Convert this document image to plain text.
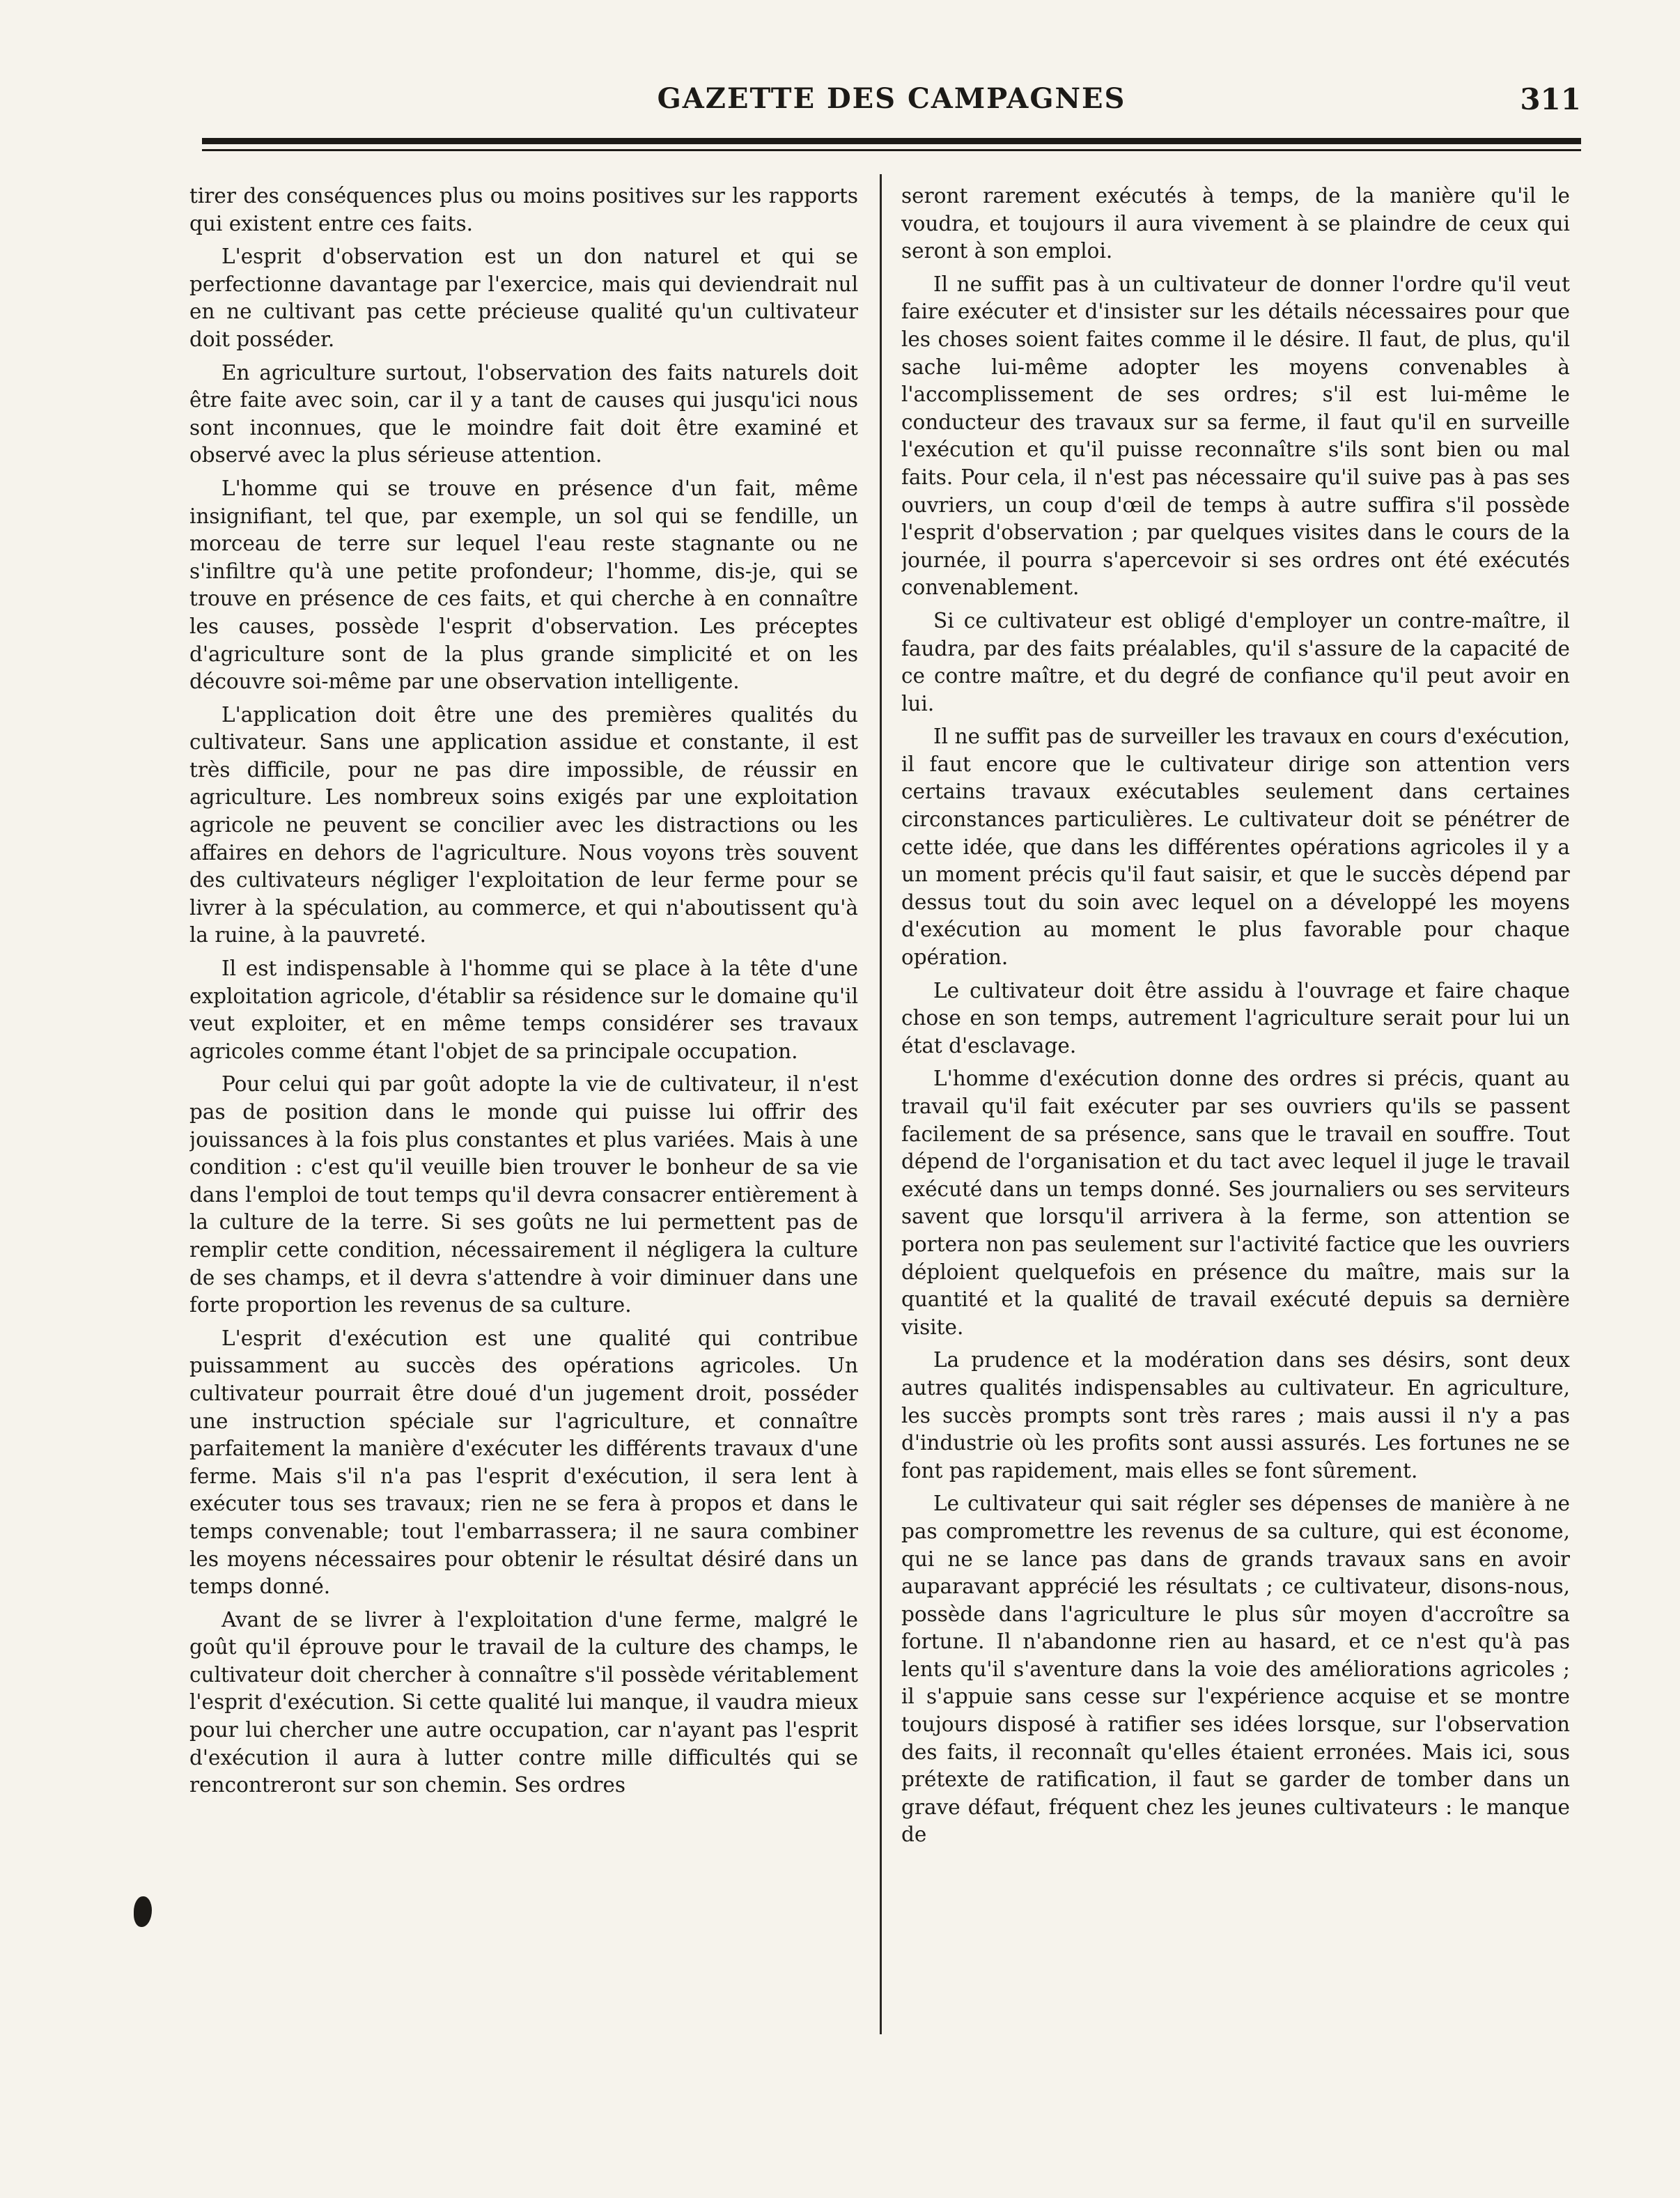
GAZETTE DES CAMPAGNES	311

tirer des conséquences plus ou moins positives sur les rapports qui existent entre ces faits.

L'esprit d'observation est un don naturel et qui se perfectionne davantage par l'exercice, mais qui deviendrait nul en ne cultivant pas cette précieuse qualité qu'un cultivateur doit posséder.

En agriculture surtout, l'observation des faits naturels doit être faite avec soin, car il y a tant de causes qui jusqu'ici nous sont inconnues, que le moindre fait doit être examiné et observé avec la plus sérieuse attention.

L'homme qui se trouve en présence d'un fait, même insignifiant, tel que, par exemple, un sol qui se fendille, un morceau de terre sur lequel l'eau reste stagnante ou ne s'infiltre qu'à une petite profondeur; l'homme, dis-je, qui se trouve en présence de ces faits, et qui cherche à en connaître les causes, possède l'esprit d'observation. Les préceptes d'agriculture sont de la plus grande simplicité et on les découvre soi-même par une observation intelligente.

L'application doit être une des premières qualités du cultivateur. Sans une application assidue et constante, il est très difficile, pour ne pas dire impossible, de réussir en agriculture. Les nombreux soins exigés par une exploitation agricole ne peuvent se concilier avec les distractions ou les affaires en dehors de l'agriculture. Nous voyons très souvent des cultivateurs négliger l'exploitation de leur ferme pour se livrer à la spéculation, au commerce, et qui n'aboutissent qu'à la ruine, à la pauvreté.

Il est indispensable à l'homme qui se place à la tête d'une exploitation agricole, d'établir sa résidence sur le domaine qu'il veut exploiter, et en même temps considérer ses travaux agricoles comme étant l'objet de sa principale occupation.

Pour celui qui par goût adopte la vie de cultivateur, il n'est pas de position dans le monde qui puisse lui offrir des jouissances à la fois plus constantes et plus variées. Mais à une condition : c'est qu'il veuille bien trouver le bonheur de sa vie dans l'emploi de tout temps qu'il devra consacrer entièrement à la culture de la terre. Si ses goûts ne lui permettent pas de remplir cette condition, nécessairement il négligera la culture de ses champs, et il devra s'attendre à voir diminuer dans une forte proportion les revenus de sa culture.

L'esprit d'exécution est une qualité qui contribue puissamment au succès des opérations agricoles. Un cultivateur pourrait être doué d'un jugement droit, posséder une instruction spéciale sur l'agriculture, et connaître parfaitement la manière d'exécuter les différents travaux d'une ferme. Mais s'il n'a pas l'esprit d'exécution, il sera lent à exécuter tous ses travaux; rien ne se fera à propos et dans le temps convenable; tout l'embarrassera; il ne saura combiner les moyens nécessaires pour obtenir le résultat désiré dans un temps donné.

Avant de se livrer à l'exploitation d'une ferme, malgré le goût qu'il éprouve pour le travail de la culture des champs, le cultivateur doit chercher à connaître s'il possède véritablement l'esprit d'exécution. Si cette qualité lui manque, il vaudra mieux pour lui chercher une autre occupation, car n'ayant pas l'esprit d'exécution il aura à lutter contre mille difficultés qui se rencontreront sur son chemin. Ses ordres

seront rarement exécutés à temps, de la manière qu'il le voudra, et toujours il aura vivement à se plaindre de ceux qui seront à son emploi.

Il ne suffit pas à un cultivateur de donner l'ordre qu'il veut faire exécuter et d'insister sur les détails nécessaires pour que les choses soient faites comme il le désire. Il faut, de plus, qu'il sache lui-même adopter les moyens convenables à l'accomplissement de ses ordres; s'il est lui-même le conducteur des travaux sur sa ferme, il faut qu'il en surveille l'exécution et qu'il puisse reconnaître s'ils sont bien ou mal faits. Pour cela, il n'est pas nécessaire qu'il suive pas à pas ses ouvriers, un coup d'œil de temps à autre suffira s'il possède l'esprit d'observation ; par quelques visites dans le cours de la journée, il pourra s'apercevoir si ses ordres ont été exécutés convenablement.

Si ce cultivateur est obligé d'employer un contre-maître, il faudra, par des faits préalables, qu'il s'assure de la capacité de ce contre maître, et du degré de confiance qu'il peut avoir en lui.

Il ne suffit pas de surveiller les travaux en cours d'exécution, il faut encore que le cultivateur dirige son attention vers certains travaux exécutables seulement dans certaines circonstances particulières. Le cultivateur doit se pénétrer de cette idée, que dans les différentes opérations agricoles il y a un moment précis qu'il faut saisir, et que le succès dépend par dessus tout du soin avec lequel on a développé les moyens d'exécution au moment le plus favorable pour chaque opération.

Le cultivateur doit être assidu à l'ouvrage et faire chaque chose en son temps, autrement l'agriculture serait pour lui un état d'esclavage.

L'homme d'exécution donne des ordres si précis, quant au travail qu'il fait exécuter par ses ouvriers qu'ils se passent facilement de sa présence, sans que le travail en souffre. Tout dépend de l'organisation et du tact avec lequel il juge le travail exécuté dans un temps donné. Ses journaliers ou ses serviteurs savent que lorsqu'il arrivera à la ferme, son attention se portera non pas seulement sur l'activité factice que les ouvriers déploient quelquefois en présence du maître, mais sur la quantité et la qualité de travail exécuté depuis sa dernière visite.

La prudence et la modération dans ses désirs, sont deux autres qualités indispensables au cultivateur. En agriculture, les succès prompts sont très rares ; mais aussi il n'y a pas d'industrie où les profits sont aussi assurés. Les fortunes ne se font pas rapidement, mais elles se font sûrement.

Le cultivateur qui sait régler ses dépenses de manière à ne pas compromettre les revenus de sa culture, qui est économe, qui ne se lance pas dans de grands travaux sans en avoir auparavant apprécié les résultats ; ce cultivateur, disons-nous, possède dans l'agriculture le plus sûr moyen d'accroître sa fortune. Il n'abandonne rien au hasard, et ce n'est qu'à pas lents qu'il s'aventure dans la voie des améliorations agricoles ; il s'appuie sans cesse sur l'expérience acquise et se montre toujours disposé à ratifier ses idées lorsque, sur l'observation des faits, il reconnaît qu'elles étaient erronées. Mais ici, sous prétexte de ratification, il faut se garder de tomber dans un grave défaut, fréquent chez les jeunes cultivateurs : le manque de
